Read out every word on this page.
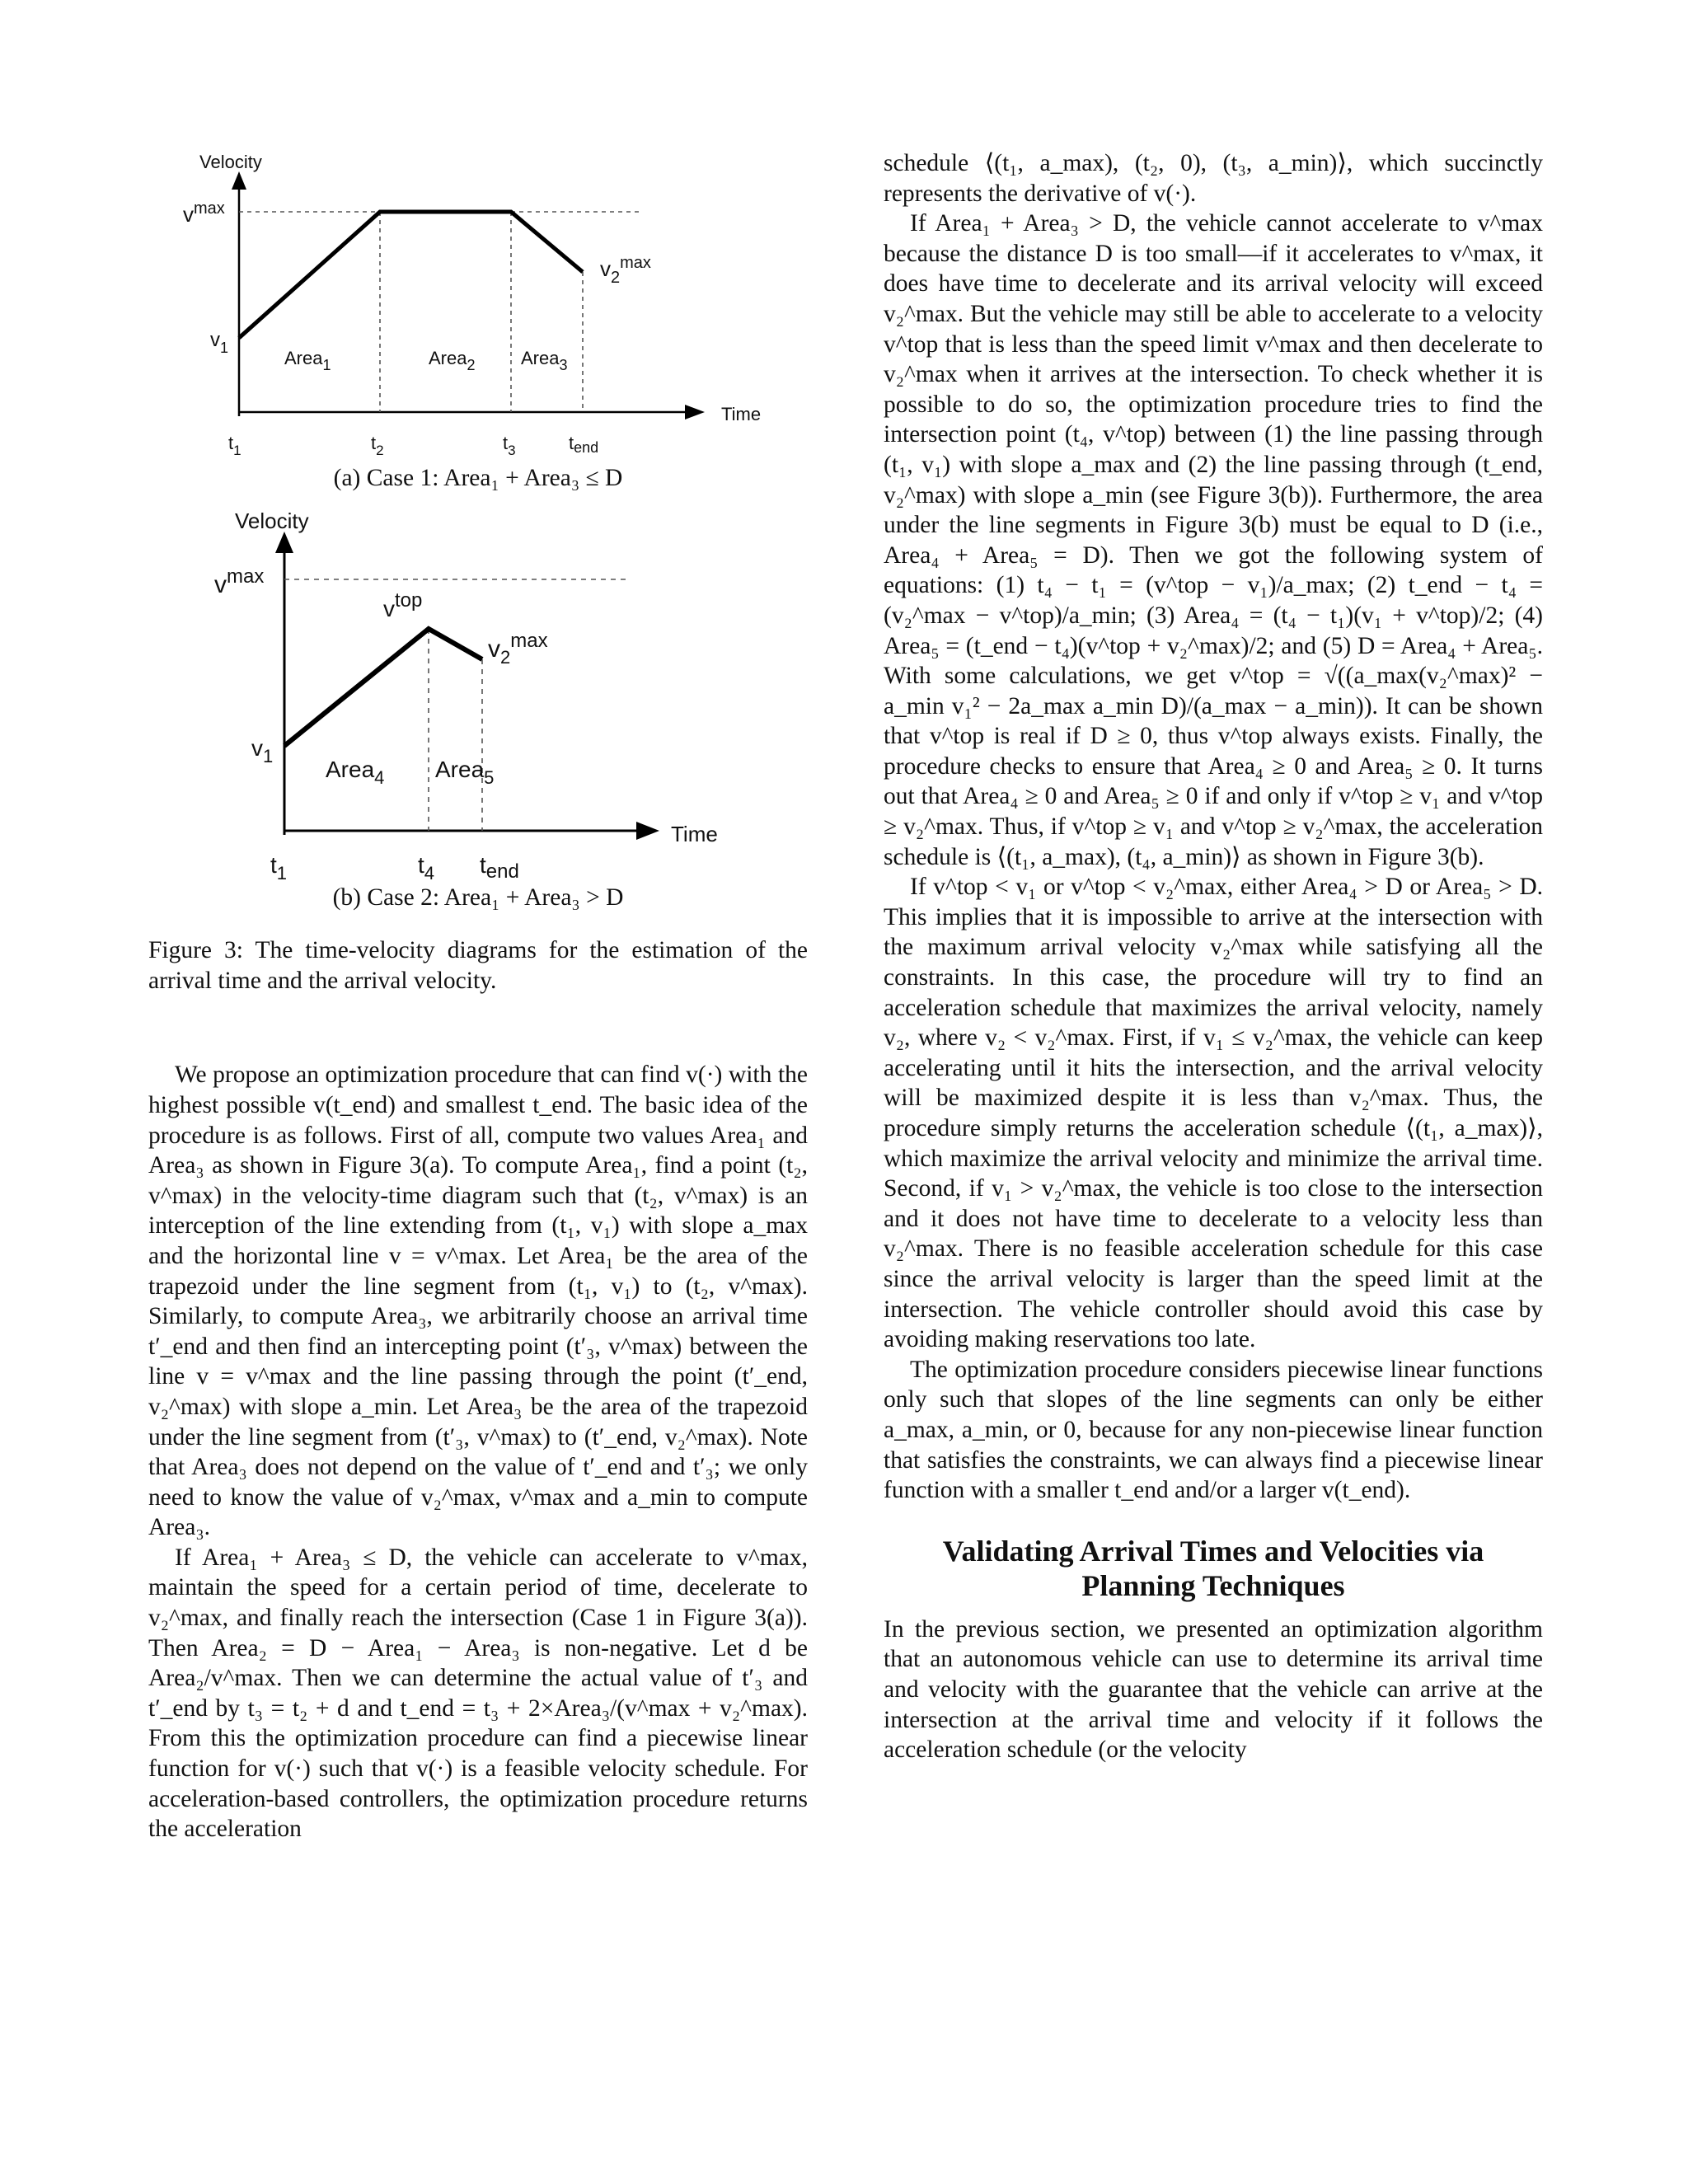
Velocity
Time
$v^{max}$
$v_1$
$v_2^{max}$
Area$_1$	Area$_2$	Area$_3$
$t_1$	$t_2$	$t_3$	tend

(a) Case 1: Area₁ + Area₃ ≤ D

Velocity
Time
$v^{max}$
vtop
$v_2^{max}$
$v_1$
Area$_4$ Area$_5$
$t_1$	$t_4$ tend

(b) Case 2: Area₁ + Area₃ > D

Figure 3: The time-velocity diagrams for the estimation of the arrival time and the arrival velocity.

We propose an optimization procedure that can find v(·) with the highest possible v(t_end) and smallest t_end. The basic idea of the procedure is as follows. First of all, compute two values Area₁ and Area₃ as shown in Figure 3(a). To compute Area₁, find a point (t₂, v^max) in the velocity-time diagram such that (t₂, v^max) is an interception of the line extending from (t₁, v₁) with slope a_max and the horizontal line v = v^max. Let Area₁ be the area of the trapezoid under the line segment from (t₁, v₁) to (t₂, v^max). Similarly, to compute Area₃, we arbitrarily choose an arrival time t′_end and then find an intercepting point (t′₃, v^max) between the line v = v^max and the line passing through the point (t′_end, v₂^max) with slope a_min. Let Area₃ be the area of the trapezoid under the line segment from (t′₃, v^max) to (t′_end, v₂^max). Note that Area₃ does not depend on the value of t′_end and t′₃; we only need to know the value of v₂^max, v^max and a_min to compute Area₃.

If Area₁ + Area₃ ≤ D, the vehicle can accelerate to v^max, maintain the speed for a certain period of time, decelerate to v₂^max, and finally reach the intersection (Case 1 in Figure 3(a)). Then Area₂ = D − Area₁ − Area₃ is non-negative. Let d be Area₂/v^max. Then we can determine the actual value of t′₃ and t′_end by t₃ = t₂ + d and t_end = t₃ + 2×Area₃/(v^max + v₂^max). From this the optimization procedure can find a piecewise linear function for v(·) such that v(·) is a feasible velocity schedule. For acceleration-based controllers, the optimization procedure returns the acceleration

schedule ⟨(t₁, a_max), (t₂, 0), (t₃, a_min)⟩, which succinctly represents the derivative of v(·).

If Area₁ + Area₃ > D, the vehicle cannot accelerate to v^max because the distance D is too small—if it accelerates to v^max, it does have time to decelerate and its arrival velocity will exceed v₂^max. But the vehicle may still be able to accelerate to a velocity v^top that is less than the speed limit v^max and then decelerate to v₂^max when it arrives at the intersection. To check whether it is possible to do so, the optimization procedure tries to find the intersection point (t₄, v^top) between (1) the line passing through (t₁, v₁) with slope a_max and (2) the line passing through (t_end, v₂^max) with slope a_min (see Figure 3(b)). Furthermore, the area under the line segments in Figure 3(b) must be equal to D (i.e., Area₄ + Area₅ = D). Then we got the following system of equations: (1) t₄ − t₁ = (v^top − v₁)/a_max; (2) t_end − t₄ = (v₂^max − v^top)/a_min; (3) Area₄ = (t₄ − t₁)(v₁ + v^top)/2; (4) Area₅ = (t_end − t₄)(v^top + v₂^max)/2; and (5) D = Area₄ + Area₅. With some calculations, we get v^top = √((a_max(v₂^max)² − a_min v₁² − 2a_max a_min D)/(a_max − a_min)). It can be shown that v^top is real if D ≥ 0, thus v^top always exists. Finally, the procedure checks to ensure that Area₄ ≥ 0 and Area₅ ≥ 0. It turns out that Area₄ ≥ 0 and Area₅ ≥ 0 if and only if v^top ≥ v₁ and v^top ≥ v₂^max. Thus, if v^top ≥ v₁ and v^top ≥ v₂^max, the acceleration schedule is ⟨(t₁, a_max), (t₄, a_min)⟩ as shown in Figure 3(b).

If v^top < v₁ or v^top < v₂^max, either Area₄ > D or Area₅ > D. This implies that it is impossible to arrive at the intersection with the maximum arrival velocity v₂^max while satisfying all the constraints. In this case, the procedure will try to find an acceleration schedule that maximizes the arrival velocity, namely v₂, where v₂ < v₂^max. First, if v₁ ≤ v₂^max, the vehicle can keep accelerating until it hits the intersection, and the arrival velocity will be maximized despite it is less than v₂^max. Thus, the procedure simply returns the acceleration schedule ⟨(t₁, a_max)⟩, which maximize the arrival velocity and minimize the arrival time. Second, if v₁ > v₂^max, the vehicle is too close to the intersection and it does not have time to decelerate to a velocity less than v₂^max. There is no feasible acceleration schedule for this case since the arrival velocity is larger than the speed limit at the intersection. The vehicle controller should avoid this case by avoiding making reservations too late.

The optimization procedure considers piecewise linear functions only such that slopes of the line segments can only be either a_max, a_min, or 0, because for any non-piecewise linear function that satisfies the constraints, we can always find a piecewise linear function with a smaller t_end and/or a larger v(t_end).

Validating Arrival Times and Velocities via Planning Techniques

In the previous section, we presented an optimization algorithm that an autonomous vehicle can use to determine its arrival time and velocity with the guarantee that the vehicle can arrive at the intersection at the arrival time and velocity if it follows the acceleration schedule (or the velocity
